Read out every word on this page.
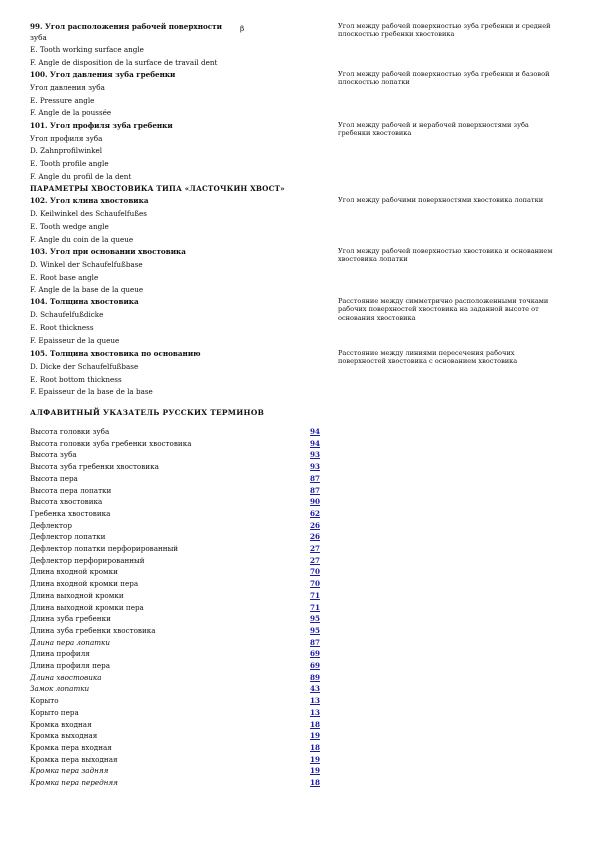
99. Угол расположения рабочей поверхности β
зуба
E. Tooth working surface angle
F. Angle de disposition de la surface de travail dent
Угол между рабочей поверхностью зуба гребенки и средней плоскостью гребенки хвостовика
100. Угол давления зуба гребенки
Угол давления зуба
E. Pressure angle
F. Angle de la poussée
Угол между рабочей поверхностью зуба гребенки и базовой плоскостью лопатки
101. Угол профиля зуба гребенки
Угол профиля зуба
D. Zahnprofilwinkel
E. Tooth profile angle
F. Angle du profil de la dent
Угол между рабочей и нерабочей поверхностями зуба гребенки хвостовика
ПАРАМЕТРЫ ХВОСТОВИКА ТИПА «ЛАСТОЧКИН ХВОСТ»
102. Угол клина хвостовика
D. Keilwinkel des Schaufelfußes
E. Tooth wedge angle
F. Angle du coin de la queue
Угол между рабочими поверхностями хвостовика лопатки
103. Угол при основании хвостовика
D. Winkel der Schaufelfußbase
E. Root base angle
F. Angle de la base de la queue
Угол между рабочей поверхностью хвостовика и основанием хвостовика лопатки
104. Толщина хвостовика
D. Schaufelfußdicke
E. Root thickness
F. Epaisseur de la queue
Расстояние между симметрично расположенными точками рабочих поверхностей хвостовика на заданной высоте от основания хвостовика
105. Толщина хвостовика по основанию
D. Dicke der Schaufelfußbase
E. Root bottom thickness
F. Epaisseur de la base de la base
Расстояние между линиями пересечения рабочих поверхностей хвостовика с основанием хвостовика
АЛФАВИТНЫЙ УКАЗАТЕЛЬ РУССКИХ ТЕРМИНОВ
Высота головки зуба	94
Высота головки зуба гребенки хвостовика	94
Высота зуба	93
Высота зуба гребенки хвостовика	93
Высота пера	87
Высота пера лопатки	87
Высота хвостовика	90
Гребенка хвостовика	62
Дефлектор	26
Дефлектор лопатки	26
Дефлектор лопатки перфорированный	27
Дефлектор перфорированный	27
Длина входной кромки	70
Длина входной кромки пера	70
Длина выходной кромки	71
Длина выходной кромки пера	71
Длина зуба гребенки	95
Длина зуба гребенки хвостовика	95
Длина пера лопатки	87
Длина профиля	69
Длина профиля пера	69
Длина хвостовика	89
Замок лопатки	43
Корыто	13
Корыто пера	13
Кромка входная	18
Кромка выходная	19
Кромка пера входная	18
Кромка пера выходная	19
Кромка пера задняя	19
Кромка пера передняя	18
